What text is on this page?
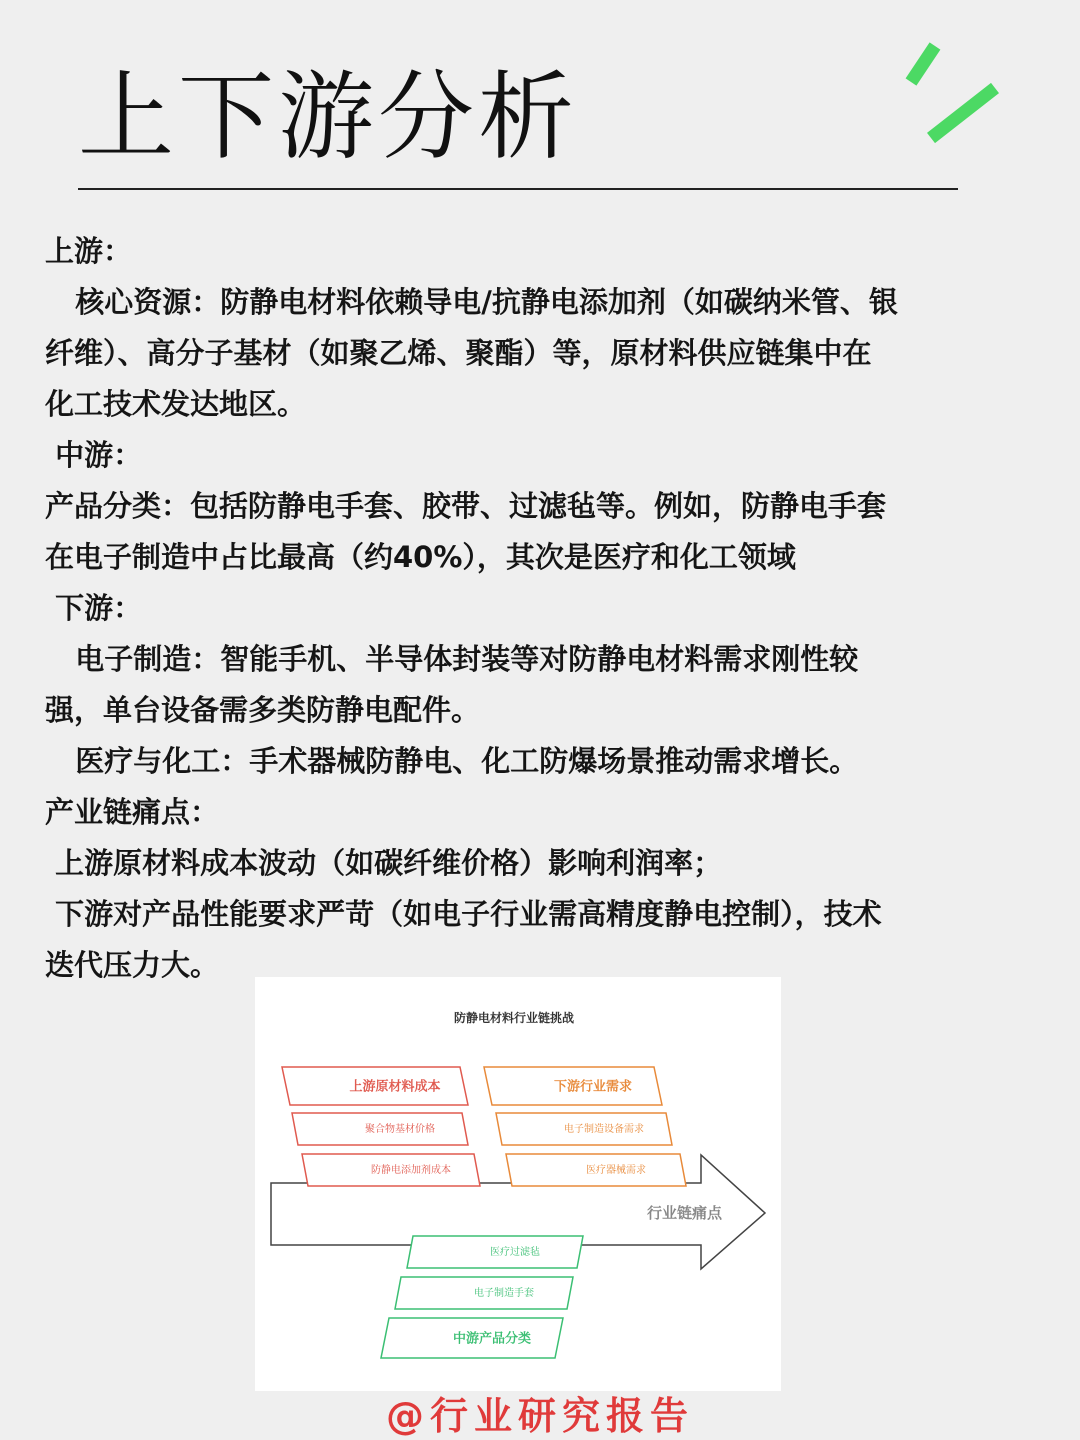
上下游分析

上游：

核心资源：防静电材料依赖导电/抗静电添加剂（如碳纳米管、银

纤维）、高分子基材（如聚乙烯、聚酯）等，原材料供应链集中在

化工技术发达地区。

中游：

产品分类：包括防静电手套、胶带、过滤毡等。例如，防静电手套

在电子制造中占比最高（约40%），其次是医疗和化工领域

下游：

电子制造：智能手机、半导体封装等对防静电材料需求刚性较

强，单台设备需多类防静电配件。

医疗与化工：手术器械防静电、化工防爆场景推动需求增长。

产业链痛点：

上游原材料成本波动（如碳纤维价格）影响利润率；

下游对产品性能要求严苛（如电子行业需高精度静电控制），技术

迭代压力大。

防静电材料行业链挑战
行业链痛点
上游原材料成本
聚合物基材价格
防静电添加剂成本
下游行业需求
电子制造设备需求
医疗器械需求
医疗过滤毡
电子制造手套
中游产品分类
@行业研究报告
